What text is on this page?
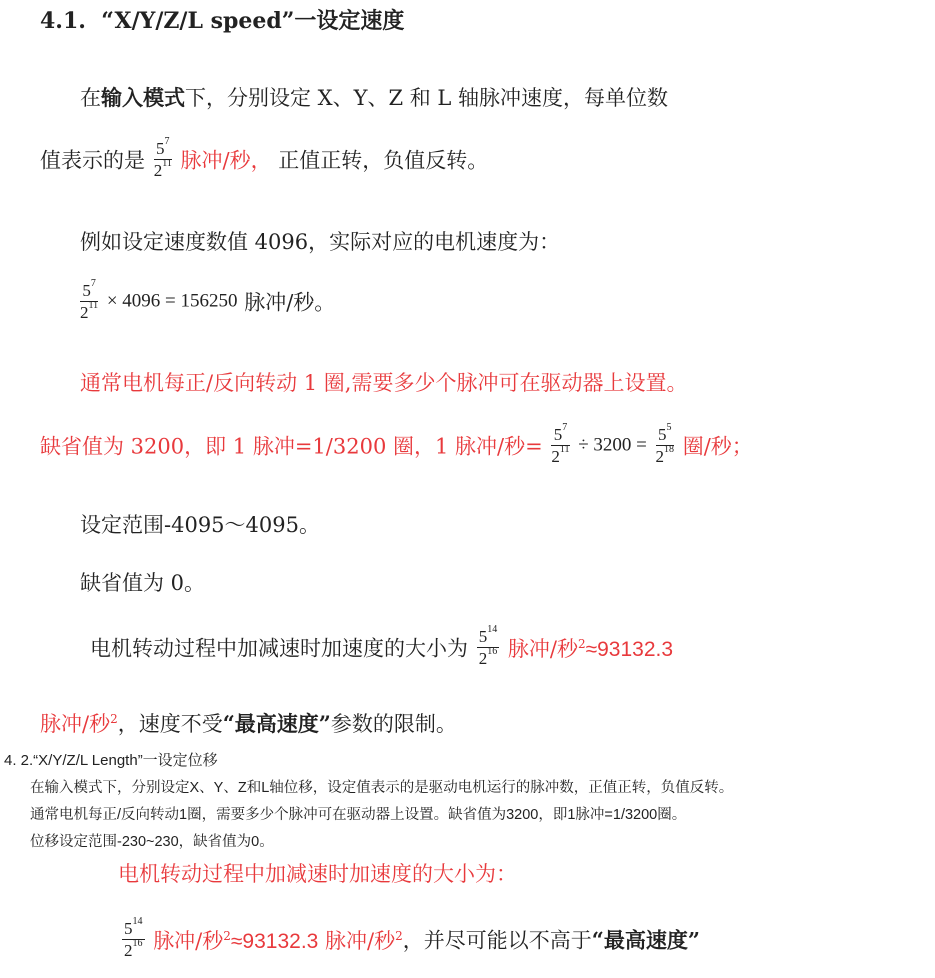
4.1.  “X/Y/Z/L speed”一设定速度
在输入模式下，分别设定 X、Y、Z 和 L 轴脉冲速度，每单位数
值表示的是 $\frac{5^7}{2^{11}}$ 脉冲/秒， 正值正转，负值反转。
例如设定速度数值 4096，实际对应的电机速度为：
$\frac{5^7}{2^{11}} \times 4096 = 156250$ 脉冲/秒。
通常电机每正/反向转动 1 圈,需要多少个脉冲可在驱动器上设置。
缺省值为 3200，即 1 脉冲=1/3200 圈，1 脉冲/秒= $\frac{5^7}{2^{11}} \div 3200 = \frac{5^5}{2^{18}}$ 圈/秒；
设定范围-4095～4095。
缺省值为 0。
电机转动过程中加减速时加速度的大小为 $\frac{5^{14}}{2^{16}}$ 脉冲/秒$^2$≈93132.3
脉冲/秒$^2$，速度不受“最高速度”参数的限制。
4. 2.“X/Y/Z/L Length”一设定位移
在输入模式下，分别设定X、Y、Z和L轴位移，设定值表示的是驱动电机运行的脉冲数，正值正转，负值反转。
通常电机每正/反向转动1圈，需要多少个脉冲可在驱动器上设置。缺省值为3200，即1脉冲=1/3200圈。
位移设定范围-230~230，缺省值为0。
电机转动过程中加减速时加速度的大小为：
$\frac{5^{14}}{2^{16}}$ 脉冲/秒$^2$≈93132.3 脉冲/秒$^2$，并尽可能以不高于“最高速度”
